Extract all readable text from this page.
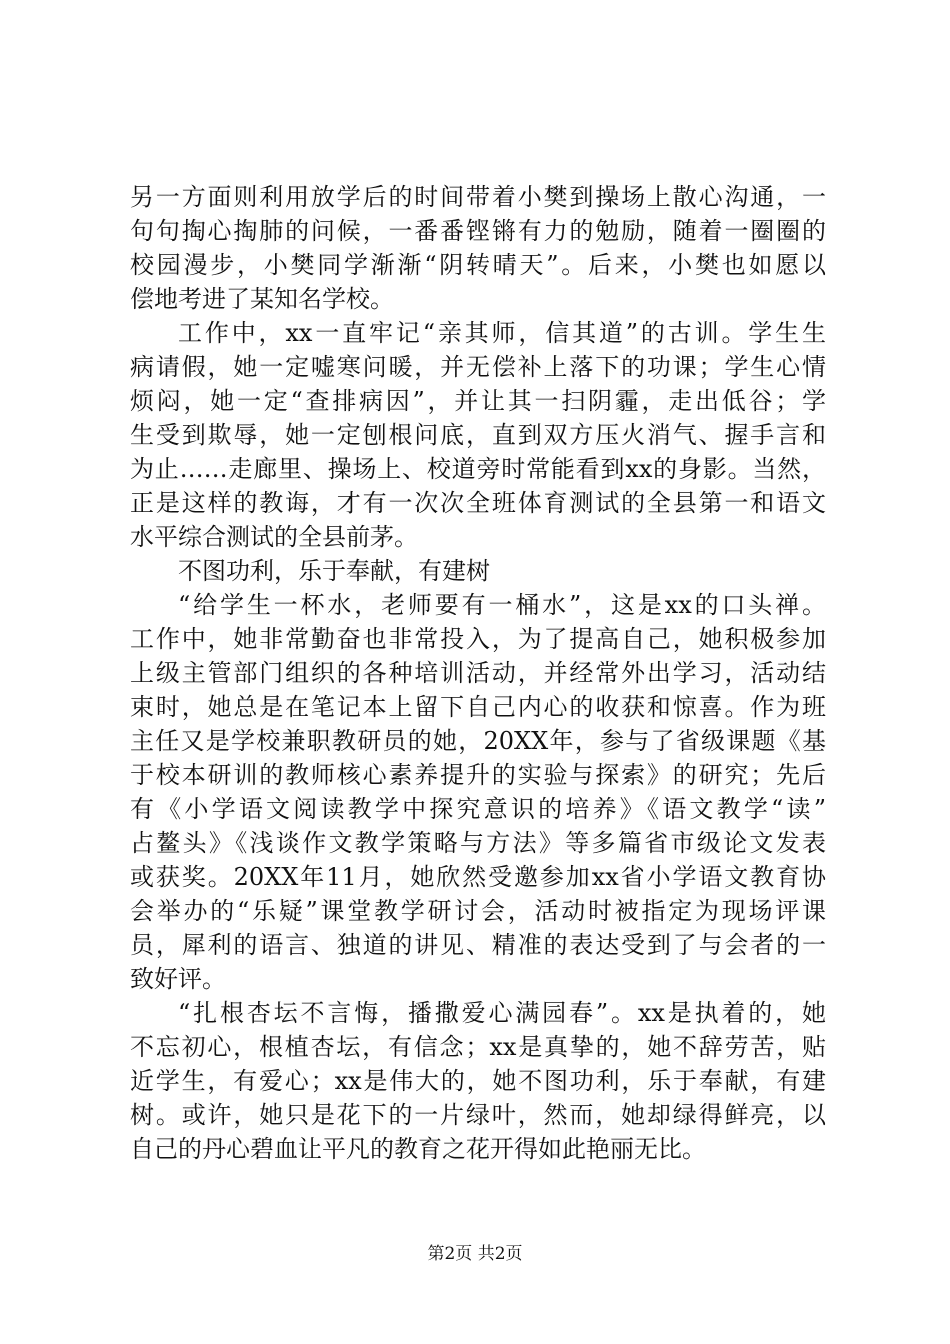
另一方面则利用放学后的时间带着小樊到操场上散心沟通，一
句句掏心掏肺的问候，一番番铿锵有力的勉励，随着一圈圈的
校园漫步，小樊同学渐渐“阴转晴天”。后来，小樊也如愿以
偿地考进了某知名学校。
工作中，xx一直牢记“亲其师，信其道”的古训。学生生
病请假，她一定嘘寒问暖，并无偿补上落下的功课；学生心情
烦闷，她一定“查排病因”，并让其一扫阴霾，走出低谷；学
生受到欺辱，她一定刨根问底，直到双方压火消气、握手言和
为止……走廊里、操场上、校道旁时常能看到xx的身影。当然，
正是这样的教诲，才有一次次全班体育测试的全县第一和语文
水平综合测试的全县前茅。
不图功利，乐于奉献，有建树
“给学生一杯水，老师要有一桶水”，这是xx的口头禅。
工作中，她非常勤奋也非常投入，为了提高自己，她积极参加
上级主管部门组织的各种培训活动，并经常外出学习，活动结
束时，她总是在笔记本上留下自己内心的收获和惊喜。作为班
主任又是学校兼职教研员的她，20XX年，参与了省级课题《基
于校本研训的教师核心素养提升的实验与探索》的研究；先后
有《小学语文阅读教学中探究意识的培养》《语文教学“读”
占鳌头》《浅谈作文教学策略与方法》等多篇省市级论文发表
或获奖。20XX年11月，她欣然受邀参加xx省小学语文教育协
会举办的“乐疑”课堂教学研讨会，活动时被指定为现场评课
员，犀利的语言、独道的讲见、精准的表达受到了与会者的一
致好评。
“扎根杏坛不言悔，播撒爱心满园春”。xx是执着的，她
不忘初心，根植杏坛，有信念；xx是真挚的，她不辞劳苦，贴
近学生，有爱心；xx是伟大的，她不图功利，乐于奉献，有建
树。或许，她只是花下的一片绿叶，然而，她却绿得鲜亮，以
自己的丹心碧血让平凡的教育之花开得如此艳丽无比。
第2页 共2页
